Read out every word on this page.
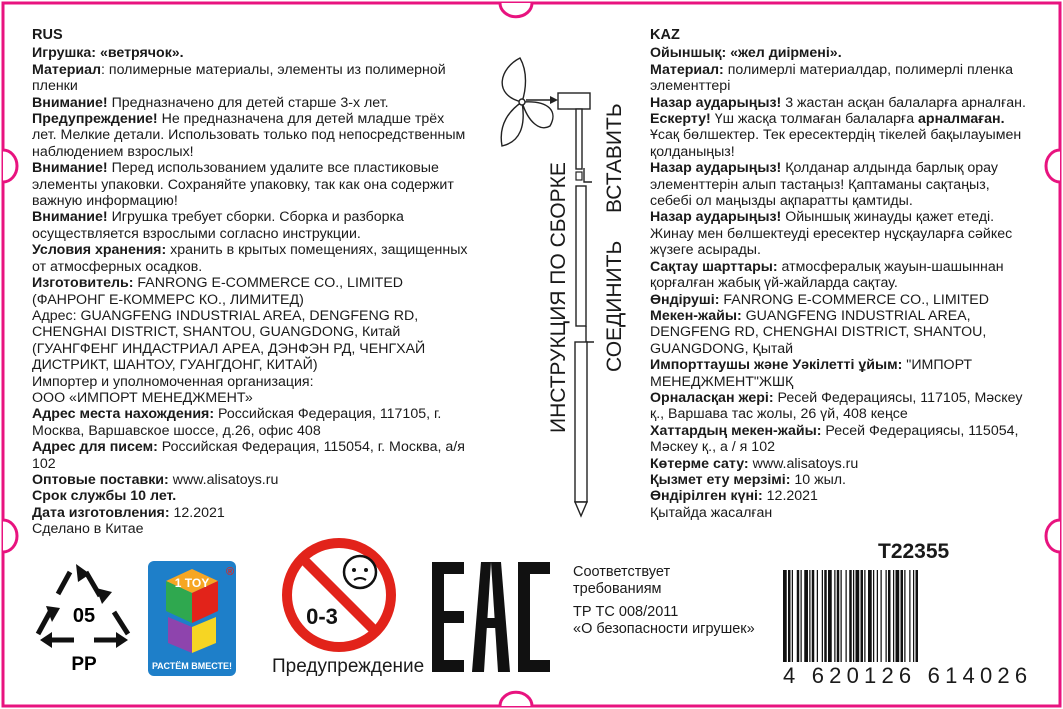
RUS

Игрушка: «ветрячок».

Материал: полимерные материалы, элементы из полимерной пленки

Внимание! Предназначено для детей старше 3-х лет.

Предупреждение! Не предназначена для детей младше трёх лет. Мелкие детали. Использовать только под непосредственным наблюдением взрослых!

Внимание! Перед использованием удалите все пластиковые элементы упаковки. Сохраняйте упаковку, так как она содержит важную информацию!

Внимание! Игрушка требует сборки. Сборка и разборка осуществляется взрослыми согласно инструкции.

Условия хранения: хранить в крытых помещениях, защищенных от атмосферных осадков.

Изготовитель: FANRONG E-COMMERCE CO., LIMITED (ФАНРОНГ Е-КОММЕРС КО., ЛИМИТЕД)

Адрес: GUANGFENG INDUSTRIAL AREA, DENGFENG RD, CHENGHAI DISTRICT, SHANTOU, GUANGDONG, Китай (ГУАНГФЕНГ ИНДАСТРИАЛ АРЕА, ДЭНФЭН РД, ЧЕНГХАЙ ДИСТРИКТ, ШАНТОУ, ГУАНГДОНГ, КИТАЙ)

Импортер и уполномоченная организация:

ООО «ИМПОРТ МЕНЕДЖМЕНТ»

Адрес места нахождения: Российская Федерация, 117105, г. Москва, Варшавское шоссе, д.26, офис 408

Адрес для писем: Российская Федерация, 115054, г. Москва, а/я 102

Оптовые поставки: www.alisatoys.ru

Срок службы 10 лет.

Дата изготовления: 12.2021

Сделано в Китае

KAZ

Ойыншық: «жел диірмені».

Материал: полимерлі материалдар, полимерлі пленка элементтері

Назар аударыңыз! 3 жастан асқан балаларға арналған.

Ескерту! Үш жасқа толмаған балаларға арналмаған. Ұсақ бөлшектер. Тек ересектердің тікелей бақылауымен қолданыңыз!

Назар аударыңыз! Қолданар алдында барлық орау элементтерін алып тастаңыз! Қаптаманы сақтаңыз, себебі ол маңызды ақпаратты қамтиды.

Назар аударыңыз! Ойыншық жинауды қажет етеді. Жинау мен бөлшектеуді ересектер нұсқауларға сәйкес жүзеге асырады.

Сақтау шарттары: атмосфералық жауын-шашыннан қорғалған жабық үй-жайларда сақтау.

Өндіруші: FANRONG E-COMMERCE CO., LIMITED

Мекен-жайы: GUANGFENG INDUSTRIAL AREA, DENGFENG RD, CHENGHAI DISTRICT, SHANTOU, GUANGDONG, Қытай

Импорттаушы және Уәкілетті ұйым: "ИМПОРТ МЕНЕДЖМЕНТ"ЖШҚ

Орналасқан жері: Ресей Федерациясы, 117105, Мәскеу қ., Варшава тас жолы, 26 үй, 408 кеңсе

Хаттардың мекен-жайы: Ресей Федерациясы, 115054, Мәскеу қ., а / я 102

Көтерме сату: www.alisatoys.ru

Қызмет ету мерзімі: 10 жыл.

Өндірілген күні: 12.2021

Қытайда жасалған

ИНСТРУКЦИЯ ПО СБОРКЕ
ВСТАВИТЬ
СОЕДИНИТЬ
05
PP
1 TOY
®
РАСТЁМ ВМЕСТЕ!
0-3
Предупреждение
Соответствует
требованиям
ТР ТС 008/2011
«О безопасности игрушек»
T22355
4 620126 614026
